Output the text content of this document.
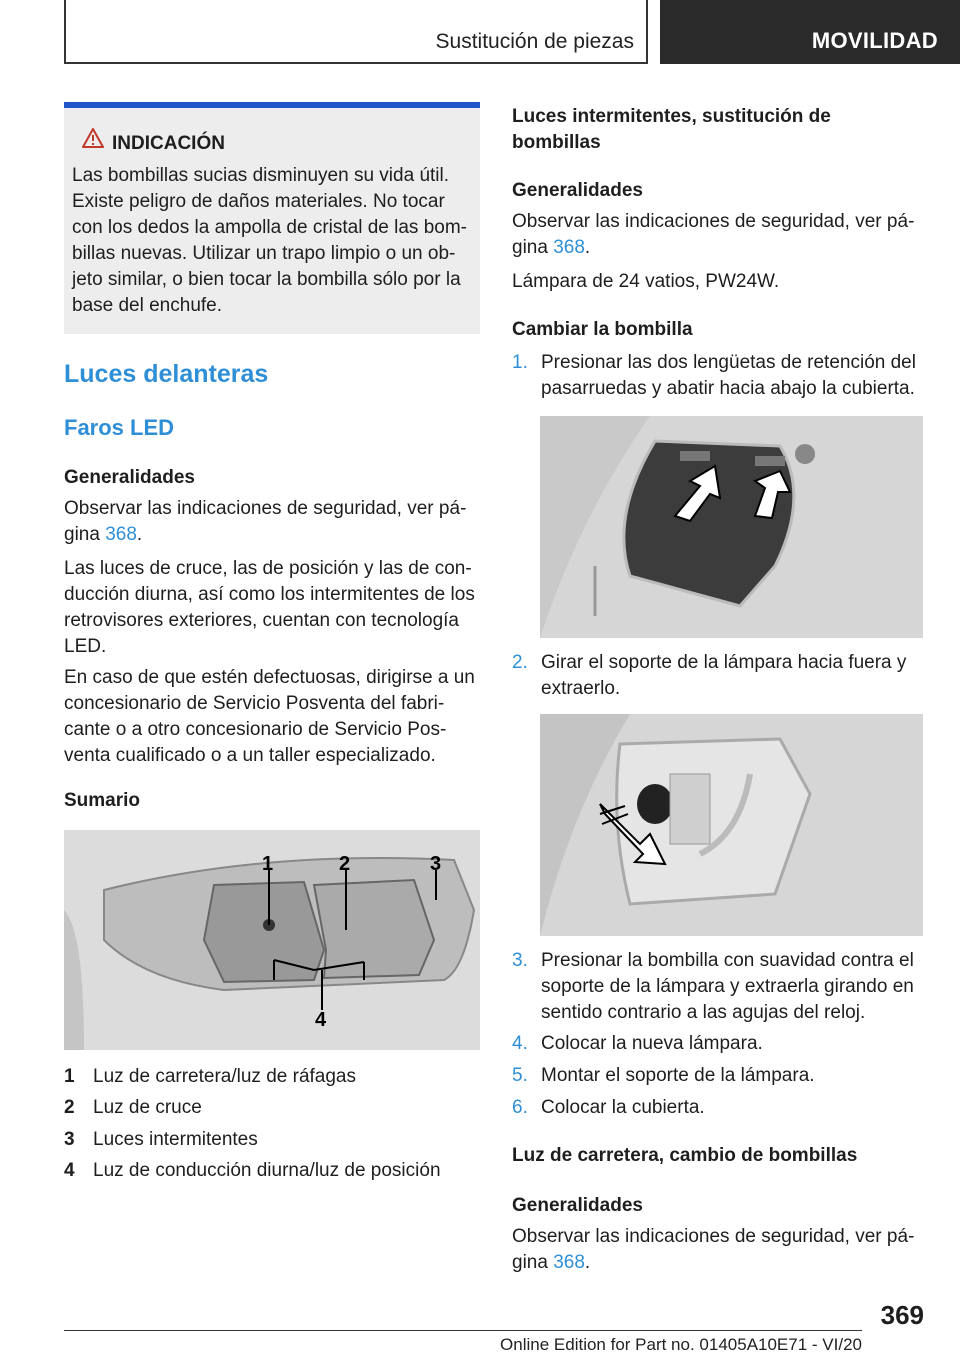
Sustitución de piezas	MOVILIDAD
INDICACIÓN
Las bombillas sucias disminuyen su vida útil. Existe peligro de daños materiales. No tocar con los dedos la ampolla de cristal de las bombillas nuevas. Utilizar un trapo limpio o un objeto similar, o bien tocar la bombilla sólo por la base del enchufe.
Luces delanteras
Faros LED
Generalidades
Observar las indicaciones de seguridad, ver página 368.
Las luces de cruce, las de posición y las de conducción diurna, así como los intermitentes de los retrovisores exteriores, cuentan con tecnología LED.
En caso de que estén defectuosas, dirigirse a un concesionario de Servicio Posventa del fabricante o a otro concesionario de Servicio Posventa cualificado o a un taller especializado.
Sumario
1	2	3
4
1 Luz de carretera/luz de ráfagas
2 Luz de cruce
3 Luces intermitentes
4 Luz de conducción diurna/luz de posición
Luces intermitentes, sustitución de bombillas
Generalidades
Observar las indicaciones de seguridad, ver página 368.
Lámpara de 24 vatios, PW24W.
Cambiar la bombilla
1. Presionar las dos lengüetas de retención del pasarruedas y abatir hacia abajo la cubierta.
2. Girar el soporte de la lámpara hacia fuera y extraerlo.
3. Presionar la bombilla con suavidad contra el soporte de la lámpara y extraerla girando en sentido contrario a las agujas del reloj.
4. Colocar la nueva lámpara.
5. Montar el soporte de la lámpara.
6. Colocar la cubierta.
Luz de carretera, cambio de bombillas
Generalidades
Observar las indicaciones de seguridad, ver página 368.
369
Online Edition for Part no. 01405A10E71 - VI/20
